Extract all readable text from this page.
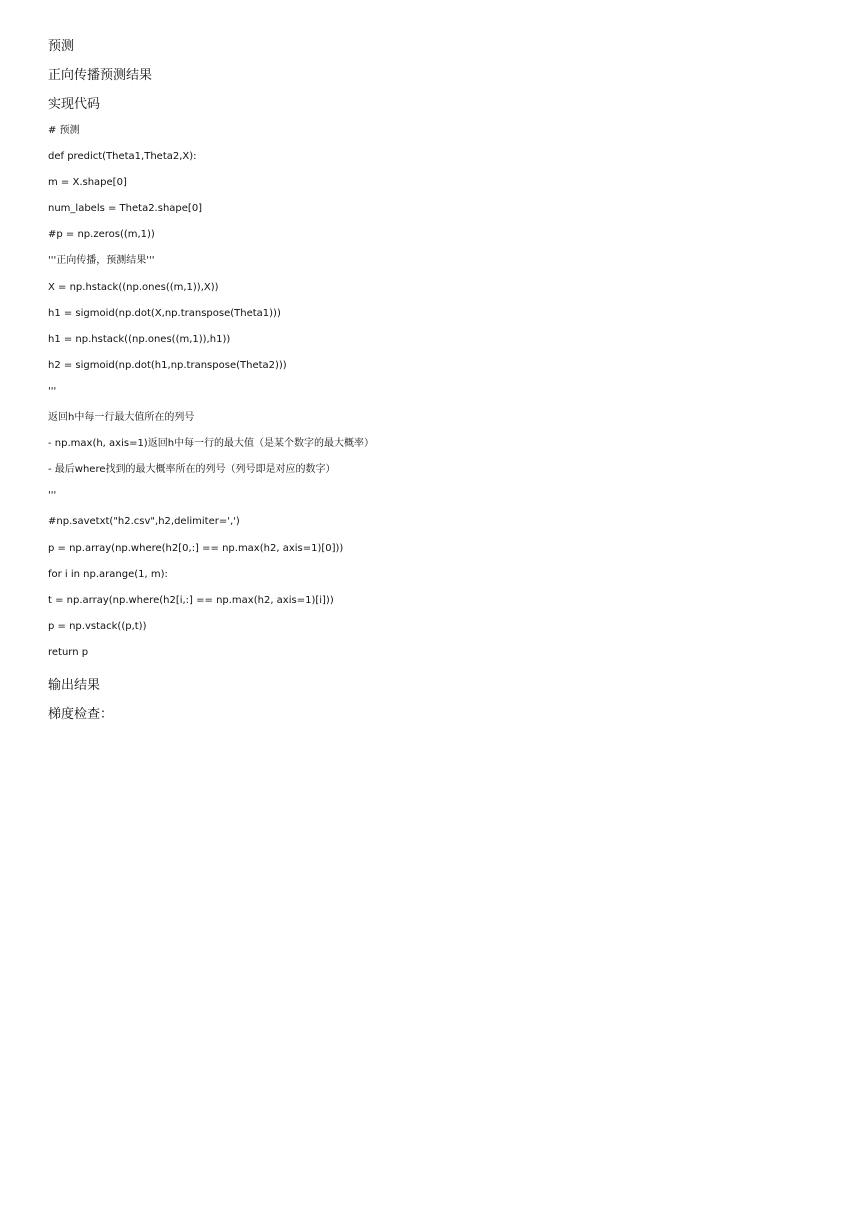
预测
正向传播预测结果
实现代码
# 预测
def predict(Theta1,Theta2,X):
m = X.shape[0]
num_labels = Theta2.shape[0]
#p = np.zeros((m,1))
'''正向传播，预测结果'''
X = np.hstack((np.ones((m,1)),X))
h1 = sigmoid(np.dot(X,np.transpose(Theta1)))
h1 = np.hstack((np.ones((m,1)),h1))
h2 = sigmoid(np.dot(h1,np.transpose(Theta2)))
'''
返回h中每一行最大值所在的列号
- np.max(h, axis=1)返回h中每一行的最大值（是某个数字的最大概率）
- 最后where找到的最大概率所在的列号（列号即是对应的数字）
'''
#np.savetxt("h2.csv",h2,delimiter=',')
p = np.array(np.where(h2[0,:] == np.max(h2, axis=1)[0]))
for i in np.arange(1, m):
t = np.array(np.where(h2[i,:] == np.max(h2, axis=1)[i]))
p = np.vstack((p,t))
return p
输出结果
梯度检查：
